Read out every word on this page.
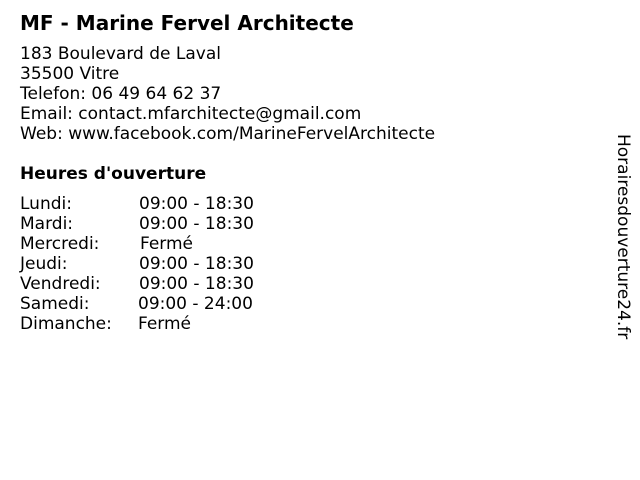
MF - Marine Fervel Architecte
183 Boulevard de Laval
35500 Vitre
Telefon: 06 49 64 62 37
Email: contact.mfarchitecte@gmail.com
Web: www.facebook.com/MarineFervelArchitecte
Heures d'ouverture
Lundi:	09:00 - 18:30
Mardi:	09:00 - 18:30
Mercredi: Fermé
Jeudi:	09:00 - 18:30
Vendredi: 09:00 - 18:30
Samedi:	09:00 - 24:00
Dimanche: Fermé	Horairesdouverture24.fr
